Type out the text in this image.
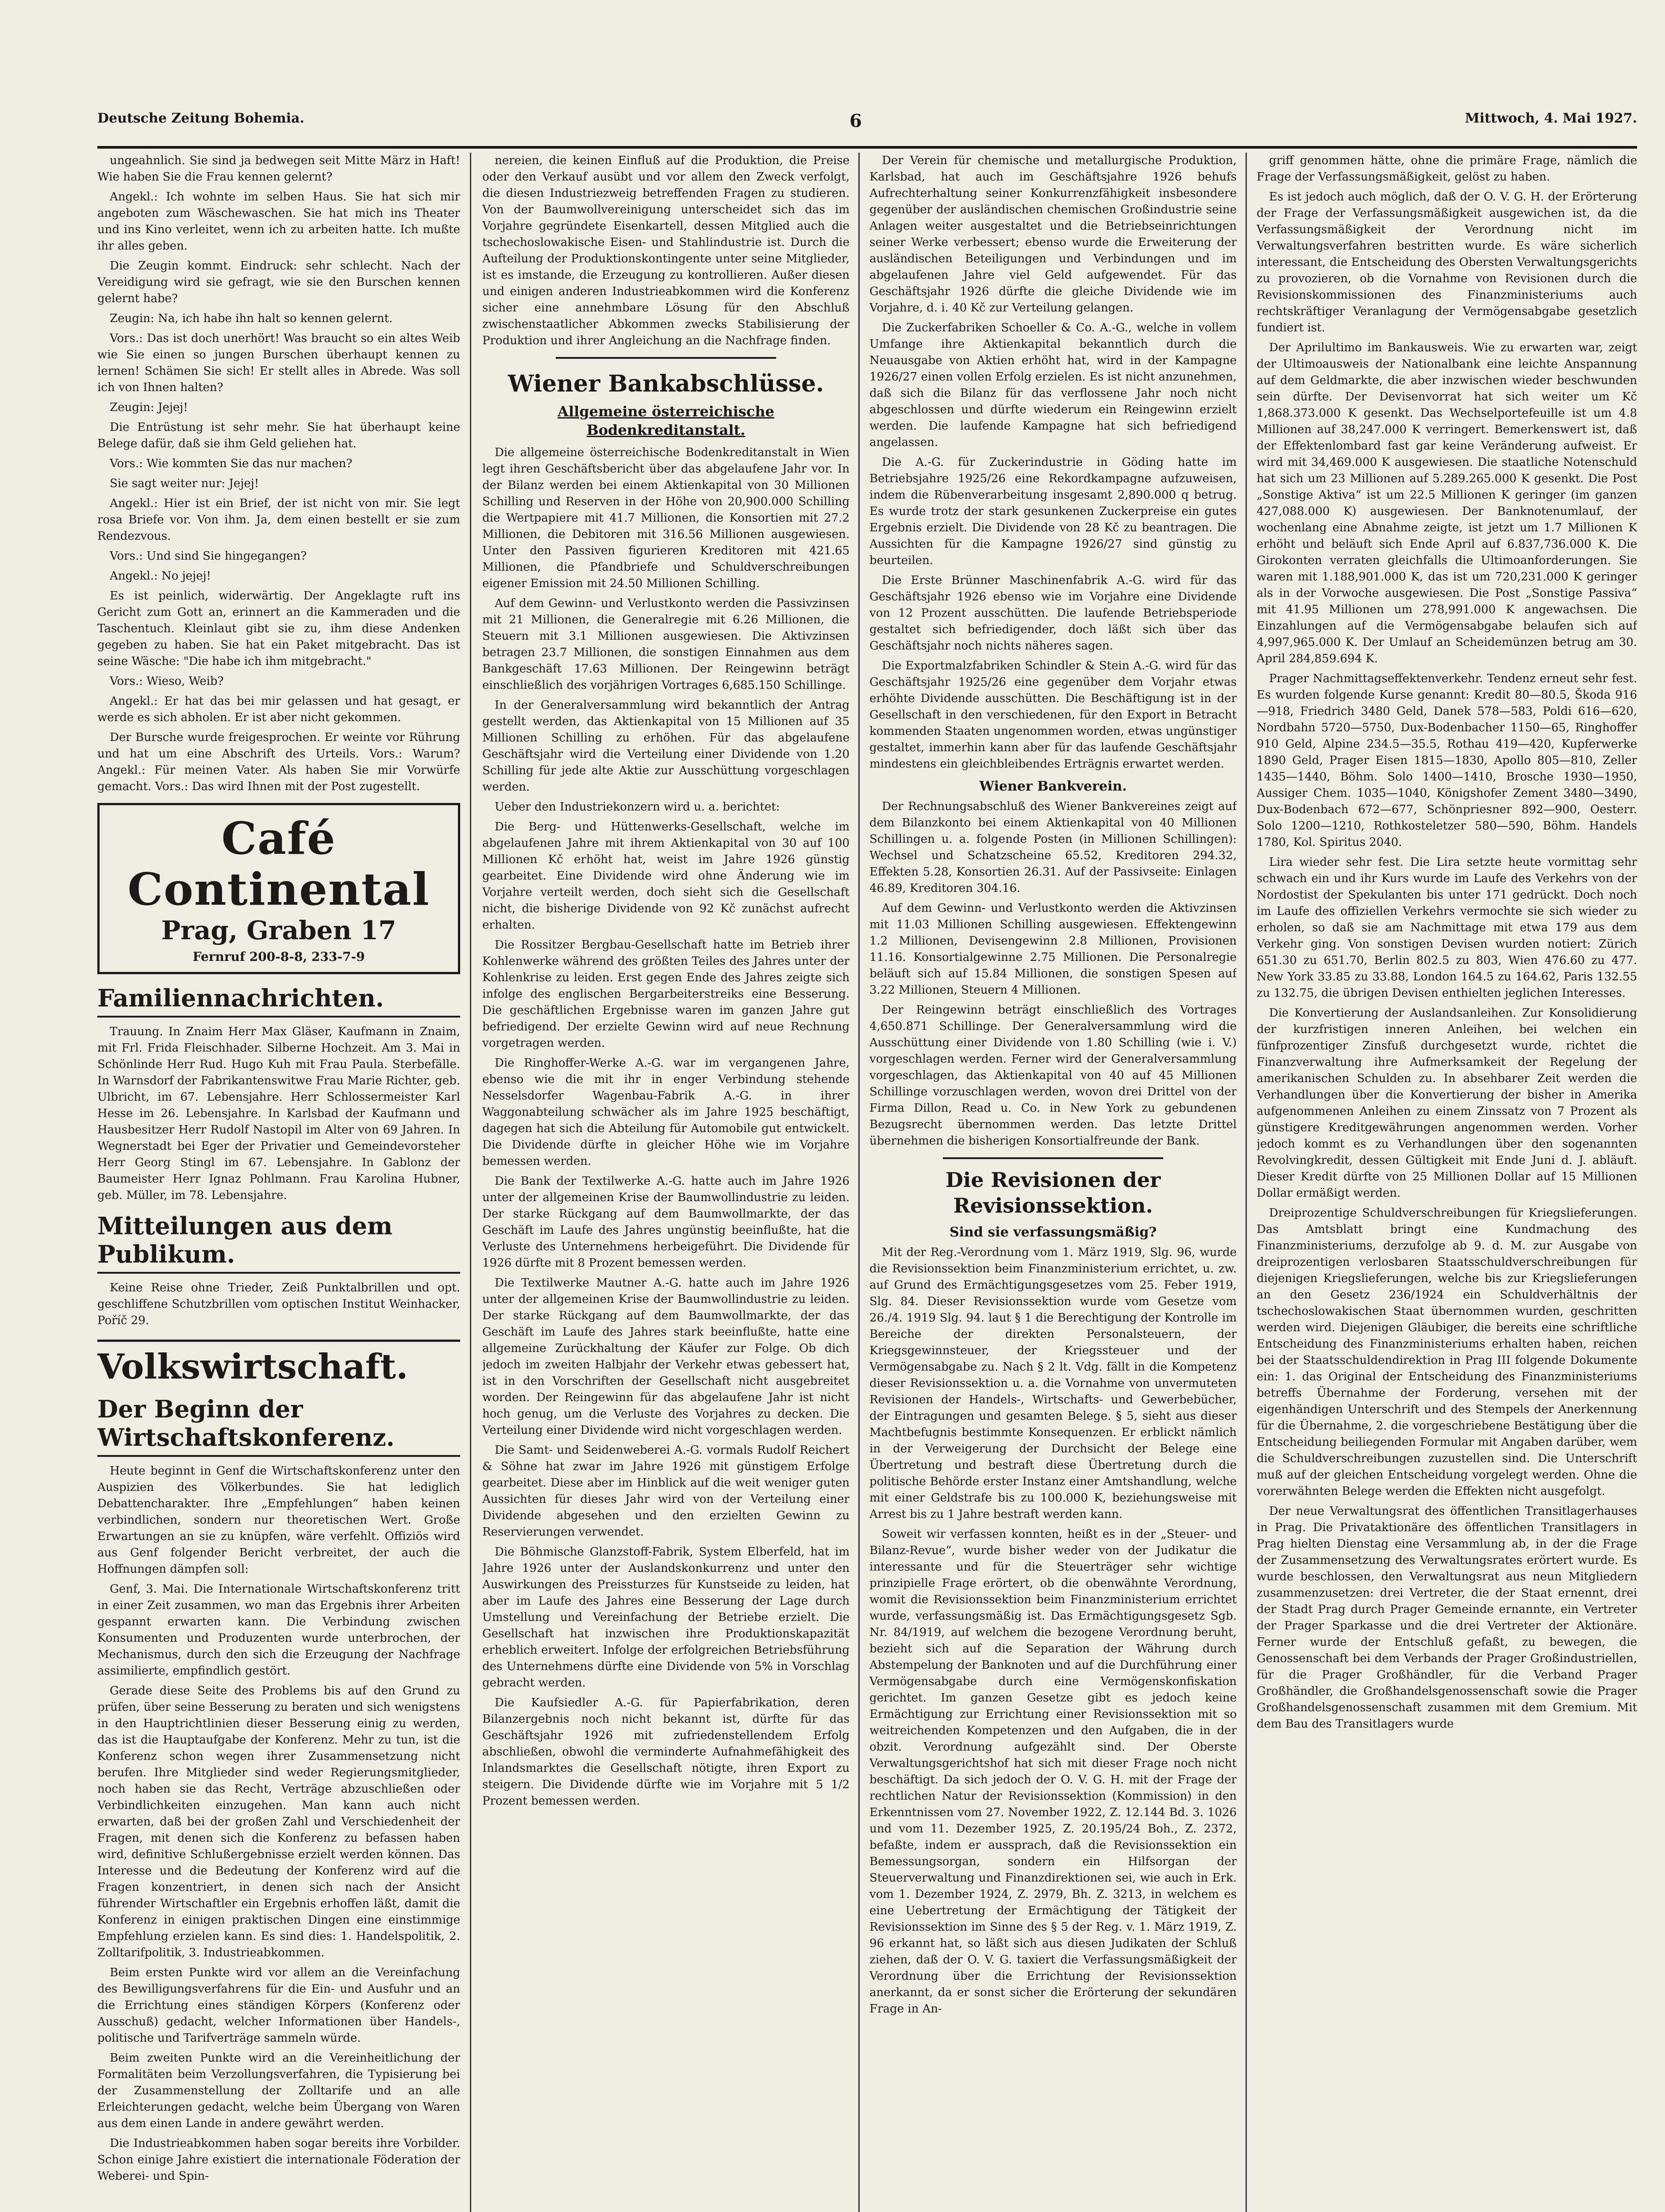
Deutsche Zeitung Bohemia.	6	Mittwoch, 4. Mai 1927.

ungeahnlich. Sie sind ja bedwegen seit Mitte März in Haft! Wie haben Sie die Frau kennen gelernt?

Angekl.: Ich wohnte im selben Haus. Sie hat sich mir angeboten zum Wäschewaschen. Sie hat mich ins Theater und ins Kino verleitet, wenn ich zu arbeiten hatte. Ich mußte ihr alles geben.

Die Zeugin kommt. Eindruck: sehr schlecht. Nach der Vereidigung wird sie gefragt, wie sie den Burschen kennen gelernt habe?

Zeugin: Na, ich habe ihn halt so kennen gelernt.

Vors.: Das ist doch unerhört! Was braucht so ein altes Weib wie Sie einen so jungen Burschen überhaupt kennen zu lernen! Schämen Sie sich! Er stellt alles in Abrede. Was soll ich von Ihnen halten?

Zeugin: Jejej!

Die Entrüstung ist sehr mehr. Sie hat überhaupt keine Belege dafür, daß sie ihm Geld geliehen hat.

Vors.: Wie kommten Sie das nur machen?

Sie sagt weiter nur: Jejej!

Angekl.: Hier ist ein Brief, der ist nicht von mir. Sie legt rosa Briefe vor. Von ihm. Ja, dem einen bestellt er sie zum Rendezvous.

Vors.: Und sind Sie hingegangen?

Angekl.: No jejej!

Es ist peinlich, widerwärtig. Der Angeklagte ruft ins Gericht zum Gott an, erinnert an die Kammeraden und die Taschentuch. Kleinlaut gibt sie zu, ihm diese Andenken gegeben zu haben. Sie hat ein Paket mitgebracht. Das ist seine Wäsche: "Die habe ich ihm mitgebracht."

Vors.: Wieso, Weib?

Angekl.: Er hat das bei mir gelassen und hat gesagt, er werde es sich abholen. Er ist aber nicht gekommen.

Der Bursche wurde freigesprochen. Er weinte vor Rührung und hat um eine Abschrift des Urteils. Vors.: Warum? Angekl.: Für meinen Vater. Als haben Sie mir Vorwürfe gemacht. Vors.: Das wird Ihnen mit der Post zugestellt.

Café Continental
Prag, Graben 17
Fernruf 200-8-8, 233-7-9
Familiennachrichten.

Trauung. In Znaim Herr Max Gläser, Kaufmann in Znaim, mit Frl. Frida Fleischhader. Silberne Hochzeit. Am 3. Mai in Schönlinde Herr Rud. Hugo Kuh mit Frau Paula. Sterbefälle. In Warnsdorf der Fabrikantenswitwe Frau Marie Richter, geb. Ulbricht, im 67. Lebensjahre. Herr Schlossermeister Karl Hesse im 26. Lebensjahre. In Karlsbad der Kaufmann und Hausbesitzer Herr Rudolf Nastopil im Alter von 69 Jahren. In Wegnerstadt bei Eger der Privatier und Gemeindevorsteher Herr Georg Stingl im 67. Lebensjahre. In Gablonz der Baumeister Herr Ignaz Pohlmann. Frau Karolina Hubner, geb. Müller, im 78. Lebensjahre.

Mitteilungen aus dem Publikum.

Keine Reise ohne Trieder, Zeiß Punktalbrillen und opt. geschliffene Schutzbrillen vom optischen Institut Weinhacker, Poříč 29.

Volkswirtschaft.
Der Beginn der Wirtschaftskonferenz.

Heute beginnt in Genf die Wirtschaftskonferenz unter den Auspizien des Völkerbundes. Sie hat lediglich Debattencharakter. Ihre „Empfehlungen“ haben keinen verbindlichen, sondern nur theoretischen Wert. Große Erwartungen an sie zu knüpfen, wäre verfehlt. Offiziös wird aus Genf folgender Bericht verbreitet, der auch die Hoffnungen dämpfen soll:

Genf, 3. Mai. Die Internationale Wirtschaftskonferenz tritt in einer Zeit zusammen, wo man das Ergebnis ihrer Arbeiten gespannt erwarten kann. Die Verbindung zwischen Konsumenten und Produzenten wurde unterbrochen, der Mechanismus, durch den sich die Erzeugung der Nachfrage assimilierte, empfindlich gestört.

Gerade diese Seite des Problems bis auf den Grund zu prüfen, über seine Besserung zu beraten und sich wenigstens in den Hauptrichtlinien dieser Besserung einig zu werden, das ist die Hauptaufgabe der Konferenz. Mehr zu tun, ist die Konferenz schon wegen ihrer Zusammensetzung nicht berufen. Ihre Mitglieder sind weder Regierungsmitglieder, noch haben sie das Recht, Verträge abzuschließen oder Verbindlichkeiten einzugehen. Man kann auch nicht erwarten, daß bei der großen Zahl und Verschiedenheit der Fragen, mit denen sich die Konferenz zu befassen haben wird, definitive Schlußergebnisse erzielt werden können. Das Interesse und die Bedeutung der Konferenz wird auf die Fragen konzentriert, in denen sich nach der Ansicht führender Wirtschaftler ein Ergebnis erhoffen läßt, damit die Konferenz in einigen praktischen Dingen eine einstimmige Empfehlung erzielen kann. Es sind dies: 1. Handelspolitik, 2. Zolltarifpolitik, 3. Industrieabkommen.

Beim ersten Punkte wird vor allem an die Vereinfachung des Bewilligungsverfahrens für die Ein- und Ausfuhr und an die Errichtung eines ständigen Körpers (Konferenz oder Ausschuß) gedacht, welcher Informationen über Handels-, politische und Tarifverträge sammeln würde.

Beim zweiten Punkte wird an die Vereinheitlichung der Formalitäten beim Verzollungsverfahren, die Typisierung bei der Zusammenstellung der Zolltarife und an alle Erleichterungen gedacht, welche beim Übergang von Waren aus dem einen Lande in andere gewährt werden.

Die Industrieabkommen haben sogar bereits ihre Vorbilder. Schon einige Jahre existiert die internationale Föderation der Weberei- und Spin-

nereien, die keinen Einfluß auf die Produktion, die Preise oder den Verkauf ausübt und vor allem den Zweck verfolgt, die diesen Industriezweig betreffenden Fragen zu studieren. Von der Baumwollvereinigung unterscheidet sich das im Vorjahre gegründete Eisenkartell, dessen Mitglied auch die tschechoslowakische Eisen- und Stahlindustrie ist. Durch die Aufteilung der Produktionskontingente unter seine Mitglieder, ist es imstande, die Erzeugung zu kontrollieren. Außer diesen und einigen anderen Industrieabkommen wird die Konferenz sicher eine annehmbare Lösung für den Abschluß zwischenstaatlicher Abkommen zwecks Stabilisierung der Produktion und ihrer Angleichung an die Nachfrage finden.

Wiener Bankabschlüsse.
Allgemeine österreichische Bodenkreditanstalt.

Die allgemeine österreichische Bodenkreditanstalt in Wien legt ihren Geschäftsbericht über das abgelaufene Jahr vor. In der Bilanz werden bei einem Aktienkapital von 30 Millionen Schilling und Reserven in der Höhe von 20,900.000 Schilling die Wertpapiere mit 41.7 Millionen, die Konsortien mit 27.2 Millionen, die Debitoren mit 316.56 Millionen ausgewiesen. Unter den Passiven figurieren Kreditoren mit 421.65 Millionen, die Pfandbriefe und Schuldverschreibungen eigener Emission mit 24.50 Millionen Schilling.

Auf dem Gewinn- und Verlustkonto werden die Passivzinsen mit 21 Millionen, die Generalregie mit 6.26 Millionen, die Steuern mit 3.1 Millionen ausgewiesen. Die Aktivzinsen betragen 23.7 Millionen, die sonstigen Einnahmen aus dem Bankgeschäft 17.63 Millionen. Der Reingewinn beträgt einschließlich des vorjährigen Vortrages 6,685.150 Schillinge.

In der Generalversammlung wird bekanntlich der Antrag gestellt werden, das Aktienkapital von 15 Millionen auf 35 Millionen Schilling zu erhöhen. Für das abgelaufene Geschäftsjahr wird die Verteilung einer Dividende von 1.20 Schilling für jede alte Aktie zur Ausschüttung vorgeschlagen werden.

Ueber den Industriekonzern wird u. a. berichtet:

Die Berg- und Hüttenwerks-Gesellschaft, welche im abgelaufenen Jahre mit ihrem Aktienkapital von 30 auf 100 Millionen Kč erhöht hat, weist im Jahre 1926 günstig gearbeitet. Eine Dividende wird ohne Änderung wie im Vorjahre verteilt werden, doch sieht sich die Gesellschaft nicht, die bisherige Dividende von 92 Kč zunächst aufrecht erhalten.

Die Rossitzer Bergbau-Gesellschaft hatte im Betrieb ihrer Kohlenwerke während des größten Teiles des Jahres unter der Kohlenkrise zu leiden. Erst gegen Ende des Jahres zeigte sich infolge des englischen Bergarbeiterstreiks eine Besserung. Die geschäftlichen Ergebnisse waren im ganzen Jahre gut befriedigend. Der erzielte Gewinn wird auf neue Rechnung vorgetragen werden.

Die Ringhoffer-Werke A.-G. war im vergangenen Jahre, ebenso wie die mit ihr in enger Verbindung stehende Nesselsdorfer Wagenbau-Fabrik A.-G. in ihrer Waggonabteilung schwächer als im Jahre 1925 beschäftigt, dagegen hat sich die Abteilung für Automobile gut entwickelt. Die Dividende dürfte in gleicher Höhe wie im Vorjahre bemessen werden.

Die Bank der Textilwerke A.-G. hatte auch im Jahre 1926 unter der allgemeinen Krise der Baumwollindustrie zu leiden. Der starke Rückgang auf dem Baumwollmarkte, der das Geschäft im Laufe des Jahres ungünstig beeinflußte, hat die Verluste des Unternehmens herbeigeführt. Die Dividende für 1926 dürfte mit 8 Prozent bemessen werden.

Die Textilwerke Mautner A.-G. hatte auch im Jahre 1926 unter der allgemeinen Krise der Baumwollindustrie zu leiden. Der starke Rückgang auf dem Baumwollmarkte, der das Geschäft im Laufe des Jahres stark beeinflußte, hatte eine allgemeine Zurückhaltung der Käufer zur Folge. Ob dich jedoch im zweiten Halbjahr der Verkehr etwas gebessert hat, ist in den Vorschriften der Gesellschaft nicht ausgebreitet worden. Der Reingewinn für das abgelaufene Jahr ist nicht hoch genug, um die Verluste des Vorjahres zu decken. Die Verteilung einer Dividende wird nicht vorgeschlagen werden.

Die Samt- und Seidenweberei A.-G. vormals Rudolf Reichert & Söhne hat zwar im Jahre 1926 mit günstigem Erfolge gearbeitet. Diese aber im Hinblick auf die weit weniger guten Aussichten für dieses Jahr wird von der Verteilung einer Dividende abgesehen und den erzielten Gewinn zu Reservierungen verwendet.

Die Böhmische Glanzstoff-Fabrik, System Elberfeld, hat im Jahre 1926 unter der Auslandskonkurrenz und unter den Auswirkungen des Preissturzes für Kunstseide zu leiden, hat aber im Laufe des Jahres eine Besserung der Lage durch Umstellung und Vereinfachung der Betriebe erzielt. Die Gesellschaft hat inzwischen ihre Produktionskapazität erheblich erweitert. Infolge der erfolgreichen Betriebsführung des Unternehmens dürfte eine Dividende von 5% in Vorschlag gebracht werden.

Die Kaufsiedler A.-G. für Papierfabrikation, deren Bilanzergebnis noch nicht bekannt ist, dürfte für das Geschäftsjahr 1926 mit zufriedenstellendem Erfolg abschließen, obwohl die verminderte Aufnahmefähigkeit des Inlandsmarktes die Gesellschaft nötigte, ihren Export zu steigern. Die Dividende dürfte wie im Vorjahre mit 5 1/2 Prozent bemessen werden.

Der Verein für chemische und metallurgische Produktion, Karlsbad, hat auch im Geschäftsjahre 1926 behufs Aufrechterhaltung seiner Konkurrenzfähigkeit insbesondere gegenüber der ausländischen chemischen Großindustrie seine Anlagen weiter ausgestaltet und die Betriebseinrichtungen seiner Werke verbessert; ebenso wurde die Erweiterung der ausländischen Beteiligungen und Verbindungen und im abgelaufenen Jahre viel Geld aufgewendet. Für das Geschäftsjahr 1926 dürfte die gleiche Dividende wie im Vorjahre, d. i. 40 Kč zur Verteilung gelangen.

Die Zuckerfabriken Schoeller & Co. A.-G., welche in vollem Umfange ihre Aktienkapital bekanntlich durch die Neuausgabe von Aktien erhöht hat, wird in der Kampagne 1926/27 einen vollen Erfolg erzielen. Es ist nicht anzunehmen, daß sich die Bilanz für das verflossene Jahr noch nicht abgeschlossen und dürfte wiederum ein Reingewinn erzielt werden. Die laufende Kampagne hat sich befriedigend angelassen.

Die A.-G. für Zuckerindustrie in Göding hatte im Betriebsjahre 1925/26 eine Rekordkampagne aufzuweisen, indem die Rübenverarbeitung insgesamt 2,890.000 q betrug. Es wurde trotz der stark gesunkenen Zuckerpreise ein gutes Ergebnis erzielt. Die Dividende von 28 Kč zu beantragen. Die Aussichten für die Kampagne 1926/27 sind günstig zu beurteilen.

Die Erste Brünner Maschinenfabrik A.-G. wird für das Geschäftsjahr 1926 ebenso wie im Vorjahre eine Dividende von 12 Prozent ausschütten. Die laufende Betriebsperiode gestaltet sich befriedigender, doch läßt sich über das Geschäftsjahr noch nichts näheres sagen.

Die Exportmalzfabriken Schindler & Stein A.-G. wird für das Geschäftsjahr 1925/26 eine gegenüber dem Vorjahr etwas erhöhte Dividende ausschütten. Die Beschäftigung ist in der Gesellschaft in den verschiedenen, für den Export in Betracht kommenden Staaten ungenommen worden, etwas ungünstiger gestaltet, immerhin kann aber für das laufende Geschäftsjahr mindestens ein gleichbleibendes Erträgnis erwartet werden.

Wiener Bankverein.

Der Rechnungsabschluß des Wiener Bankvereines zeigt auf dem Bilanzkonto bei einem Aktienkapital von 40 Millionen Schillingen u. a. folgende Posten (in Millionen Schillingen): Wechsel und Schatzscheine 65.52, Kreditoren 294.32, Effekten 5.28, Konsortien 26.31. Auf der Passivseite: Einlagen 46.89, Kreditoren 304.16.

Auf dem Gewinn- und Verlustkonto werden die Aktivzinsen mit 11.03 Millionen Schilling ausgewiesen. Effektengewinn 1.2 Millionen, Devisengewinn 2.8 Millionen, Provisionen 11.16. Konsortialgewinne 2.75 Millionen. Die Personalregie beläuft sich auf 15.84 Millionen, die sonstigen Spesen auf 3.22 Millionen, Steuern 4 Millionen.

Der Reingewinn beträgt einschließlich des Vortrages 4,650.871 Schillinge. Der Generalversammlung wird die Ausschüttung einer Dividende von 1.80 Schilling (wie i. V.) vorgeschlagen werden. Ferner wird der Generalversammlung vorgeschlagen, das Aktienkapital von 40 auf 45 Millionen Schillinge vorzuschlagen werden, wovon drei Drittel von der Firma Dillon, Read u. Co. in New York zu gebundenen Bezugsrecht übernommen werden. Das letzte Drittel übernehmen die bisherigen Konsortialfreunde der Bank.

Die Revisionen der Revisionssektion.
Sind sie verfassungsmäßig?

Mit der Reg.-Verordnung vom 1. März 1919, Slg. 96, wurde die Revisionssektion beim Finanzministerium errichtet, u. zw. auf Grund des Ermächtigungsgesetzes vom 25. Feber 1919, Slg. 84. Dieser Revisionssektion wurde vom Gesetze vom 26./4. 1919 Slg. 94. laut § 1 die Berechtigung der Kontrolle im Bereiche der direkten Personalsteuern, der Kriegsgewinnsteuer, der Kriegssteuer und der Vermögensabgabe zu. Nach § 2 lt. Vdg. fällt in die Kompetenz dieser Revisionssektion u. a. die Vornahme von unvermuteten Revisionen der Handels-, Wirtschafts- und Gewerbebücher, der Eintragungen und gesamten Belege. § 5, sieht aus dieser Machtbefugnis bestimmte Konsequenzen. Er erblickt nämlich in der Verweigerung der Durchsicht der Belege eine Übertretung und bestraft diese Übertretung durch die politische Behörde erster Instanz einer Amtshandlung, welche mit einer Geldstrafe bis zu 100.000 K, beziehungsweise mit Arrest bis zu 1 Jahre bestraft werden kann.

Soweit wir verfassen konnten, heißt es in der „Steuer- und Bilanz-Revue“, wurde bisher weder von der Judikatur die interessante und für die Steuerträger sehr wichtige prinzipielle Frage erörtert, ob die obenwähnte Verordnung, womit die Revisionssektion beim Finanzministerium errichtet wurde, verfassungsmäßig ist. Das Ermächtigungsgesetz Sgb. Nr. 84/1919, auf welchem die bezogene Verordnung beruht, bezieht sich auf die Separation der Währung durch Abstempelung der Banknoten und auf die Durchführung einer Vermögensabgabe durch eine Vermögenskonfiskation gerichtet. Im ganzen Gesetze gibt es jedoch keine Ermächtigung zur Errichtung einer Revisionssektion mit so weitreichenden Kompetenzen und den Aufgaben, die in der obzit. Verordnung aufgezählt sind. Der Oberste Verwaltungsgerichtshof hat sich mit dieser Frage noch nicht beschäftigt. Da sich jedoch der O. V. G. H. mit der Frage der rechtlichen Natur der Revisionssektion (Kommission) in den Erkenntnissen vom 27. November 1922, Z. 12.144 Bd. 3. 1026 und vom 11. Dezember 1925, Z. 20.195/24 Boh., Z. 2372, befaßte, indem er aussprach, daß die Revisionssektion ein Bemessungsorgan, sondern ein Hilfsorgan der Steuerverwaltung und Finanzdirektionen sei, wie auch in Erk. vom 1. Dezember 1924, Z. 2979, Bh. Z. 3213, in welchem es eine Uebertretung der Ermächtigung der Tätigkeit der Revisionssektion im Sinne des § 5 der Reg. v. 1. März 1919, Z. 96 erkannt hat, so läßt sich aus diesen Judikaten der Schluß ziehen, daß der O. V. G. taxiert die Verfassungsmäßigkeit der Verordnung über die Errichtung der Revisionssektion anerkannt, da er sonst sicher die Erörterung der sekundären Frage in An-

griff genommen hätte, ohne die primäre Frage, nämlich die Frage der Verfassungsmäßigkeit, gelöst zu haben.

Es ist jedoch auch möglich, daß der O. V. G. H. der Erörterung der Frage der Verfassungsmäßigkeit ausgewichen ist, da die Verfassungsmäßigkeit der Verordnung nicht im Verwaltungsverfahren bestritten wurde. Es wäre sicherlich interessant, die Entscheidung des Obersten Verwaltungsgerichts zu provozieren, ob die Vornahme von Revisionen durch die Revisionskommissionen des Finanzministeriums auch rechtskräftiger Veranlagung der Vermögensabgabe gesetzlich fundiert ist.

Der Aprilultimo im Bankausweis. Wie zu erwarten war, zeigt der Ultimoausweis der Nationalbank eine leichte Anspannung auf dem Geldmarkte, die aber inzwischen wieder beschwunden sein dürfte. Der Devisenvorrat hat sich weiter um Kč 1,868.373.000 K gesenkt. Das Wechselportefeuille ist um 4.8 Millionen auf 38,247.000 K verringert. Bemerkenswert ist, daß der Effektenlombard fast gar keine Veränderung aufweist. Er wird mit 34,469.000 K ausgewiesen. Die staatliche Notenschuld hat sich um 23 Millionen auf 5.289.265.000 K gesenkt. Die Post „Sonstige Aktiva“ ist um 22.5 Millionen K geringer (im ganzen 427,088.000 K) ausgewiesen. Der Banknotenumlauf, der wochenlang eine Abnahme zeigte, ist jetzt um 1.7 Millionen K erhöht und beläuft sich Ende April auf 6.837,736.000 K. Die Girokonten verraten gleichfalls die Ultimoanforderungen. Sie waren mit 1.188,901.000 K, das ist um 720,231.000 K geringer als in der Vorwoche ausgewiesen. Die Post „Sonstige Passiva“ mit 41.95 Millionen um 278,991.000 K angewachsen. Die Einzahlungen auf die Vermögensabgabe belaufen sich auf 4,997,965.000 K. Der Umlauf an Scheidemünzen betrug am 30. April 284,859.694 K.

Prager Nachmittagseffektenverkehr. Tendenz erneut sehr fest. Es wurden folgende Kurse genannt: Kredit 80—80.5, Škoda 916—918, Friedrich 3480 Geld, Danek 578—583, Poldi 616—620, Nordbahn 5720—5750, Dux-Bodenbacher 1150—65, Ringhoffer 910 Geld, Alpine 234.5—35.5, Rothau 419—420, Kupferwerke 1890 Geld, Prager Eisen 1815—1830, Apollo 805—810, Zeller 1435—1440, Böhm. Solo 1400—1410, Brosche 1930—1950, Aussiger Chem. 1035—1040, Königshofer Zement 3480—3490, Dux-Bodenbach 672—677, Schönpriesner 892—900, Oesterr. Solo 1200—1210, Rothkosteletzer 580—590, Böhm. Handels 1780, Kol. Spiritus 2040.

Lira wieder sehr fest. Die Lira setzte heute vormittag sehr schwach ein und ihr Kurs wurde im Laufe des Verkehrs von der Nordostist der Spekulanten bis unter 171 gedrückt. Doch noch im Laufe des offiziellen Verkehrs vermochte sie sich wieder zu erholen, so daß sie am Nachmittage mit etwa 179 aus dem Verkehr ging. Von sonstigen Devisen wurden notiert: Zürich 651.30 zu 651.70, Berlin 802.5 zu 803, Wien 476.60 zu 477. New York 33.85 zu 33.88, London 164.5 zu 164.62, Paris 132.55 zu 132.75, die übrigen Devisen enthielten jeglichen Interesses.

Die Konvertierung der Auslandsanleihen. Zur Konsolidierung der kurzfristigen inneren Anleihen, bei welchen ein fünfprozentiger Zinsfuß durchgesetzt wurde, richtet die Finanzverwaltung ihre Aufmerksamkeit der Regelung der amerikanischen Schulden zu. In absehbarer Zeit werden die Verhandlungen über die Konvertierung der bisher in Amerika aufgenommenen Anleihen zu einem Zinssatz von 7 Prozent als günstigere Kreditgewährungen angenommen werden. Vorher jedoch kommt es zu Verhandlungen über den sogenannten Revolvingkredit, dessen Gültigkeit mit Ende Juni d. J. abläuft. Dieser Kredit dürfte von 25 Millionen Dollar auf 15 Millionen Dollar ermäßigt werden.

Dreiprozentige Schuldverschreibungen für Kriegslieferungen. Das Amtsblatt bringt eine Kundmachung des Finanzministeriums, derzufolge ab 9. d. M. zur Ausgabe von dreiprozentigen verlosbaren Staatsschuldverschreibungen für diejenigen Kriegslieferungen, welche bis zur Kriegslieferungen an den Gesetz 236/1924 ein Schuldverhältnis der tschechoslowakischen Staat übernommen wurden, geschritten werden wird. Diejenigen Gläubiger, die bereits eine schriftliche Entscheidung des Finanzministeriums erhalten haben, reichen bei der Staatsschuldendirektion in Prag III folgende Dokumente ein: 1. das Original der Entscheidung des Finanzministeriums betreffs Übernahme der Forderung, versehen mit der eigenhändigen Unterschrift und des Stempels der Anerkennung für die Übernahme, 2. die vorgeschriebene Bestätigung über die Entscheidung beiliegenden Formular mit Angaben darüber, wem die Schuldverschreibungen zuzustellen sind. Die Unterschrift muß auf der gleichen Entscheidung vorgelegt werden. Ohne die vorerwähnten Belege werden die Effekten nicht ausgefolgt.

Der neue Verwaltungsrat des öffentlichen Transitlagerhauses in Prag. Die Privataktionäre des öffentlichen Transitlagers in Prag hielten Dienstag eine Versammlung ab, in der die Frage der Zusammensetzung des Verwaltungsrates erörtert wurde. Es wurde beschlossen, den Verwaltungsrat aus neun Mitgliedern zusammenzusetzen: drei Vertreter, die der Staat ernennt, drei der Stadt Prag durch Prager Gemeinde ernannte, ein Vertreter der Prager Sparkasse und die drei Vertreter der Aktionäre. Ferner wurde der Entschluß gefaßt, zu bewegen, die Genossenschaft bei dem Verbands der Prager Großindustriellen, für die Prager Großhändler, für die Verband Prager Großhändler, die Großhandelsgenossenschaft sowie die Prager Großhandelsgenossenschaft zusammen mit dem Gremium. Mit dem Bau des Transitlagers wurde
